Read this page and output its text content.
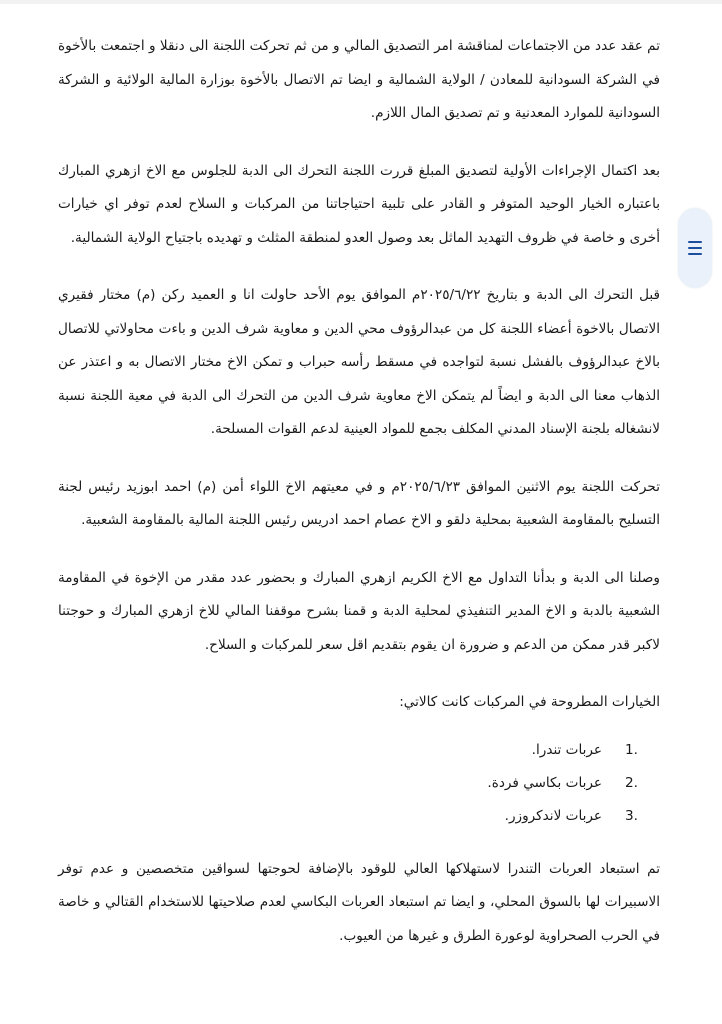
تم عقد عدد من الاجتماعات لمناقشة امر التصديق المالي و من ثم تحركت اللجنة الى دنقلا و اجتمعت بالأخوة في الشركة السودانية للمعادن / الولاية الشمالية و ايضا تم الاتصال بالأخوة بوزارة المالية الولائية و الشركة السودانية للموارد المعدنية و تم تصديق المال اللازم.

بعد اكتمال الإجراءات الأولية لتصديق المبلغ قررت اللجنة التحرك الى الدبة للجلوس مع الاخ ازهري المبارك باعتباره الخيار الوحيد المتوفر و القادر على تلبية احتياجاتنا من المركبات و السلاح لعدم توفر اي خيارات أخرى و خاصة في ظروف التهديد الماثل بعد وصول العدو لمنطقة المثلث و تهديده باجتياح الولاية الشمالية.

قبل التحرك الى الدبة و بتاريخ ٢٠٢٥/٦/٢٢م الموافق يوم الأحد حاولت انا و العميد ركن (م) مختار فقيري الاتصال بالاخوة أعضاء اللجنة كل من عبدالرؤوف محي الدين و معاوية شرف الدين و باءت محاولاتي للاتصال بالاخ عبدالرؤوف بالفشل نسبة لتواجده في مسقط رأسه حبراب و تمكن الاخ مختار الاتصال به و اعتذر عن الذهاب معنا الى الدبة و ايضاً لم يتمكن الاخ معاوية شرف الدين من التحرك الى الدبة في معية اللجنة نسبة لانشغاله بلجنة الإسناد المدني المكلف بجمع للمواد العينية لدعم القوات المسلحة.

تحركت اللجنة يوم الاثنين الموافق ٢٠٢٥/٦/٢٣م و في معيتهم الاخ اللواء أمن (م) احمد ابوزيد رئيس لجنة التسليح بالمقاومة الشعبية بمحلية دلقو و الاخ عصام احمد ادريس رئيس اللجنة المالية بالمقاومة الشعبية.

وصلنا الى الدبة و بدأنا التداول مع الاخ الكريم ازهري المبارك و بحضور عدد مقدر من الإخوة في المقاومة الشعبية بالدبة و الاخ المدير التنفيذي لمحلية الدبة و قمنا بشرح موقفنا المالي للاخ ازهري المبارك و حوجتنا لاكبر قدر ممكن من الدعم و ضرورة ان يقوم بتقديم اقل سعر للمركبات و السلاح.

الخيارات المطروحة في المركبات كانت كالاتي:

1.
عربات تندرا.
2.
عربات بكاسي فردة.
3.
عربات لاندكروزر.

تم استبعاد العربات التندرا لاستهلاكها العالي للوقود بالإضافة لحوجتها لسواقين متخصصين و عدم توفر الاسبيرات لها بالسوق المحلي، و ايضا تم استبعاد العربات البكاسي لعدم صلاحيتها للاستخدام القتالي و خاصة في الحرب الصحراوية لوعورة الطرق و غيرها من العيوب.
